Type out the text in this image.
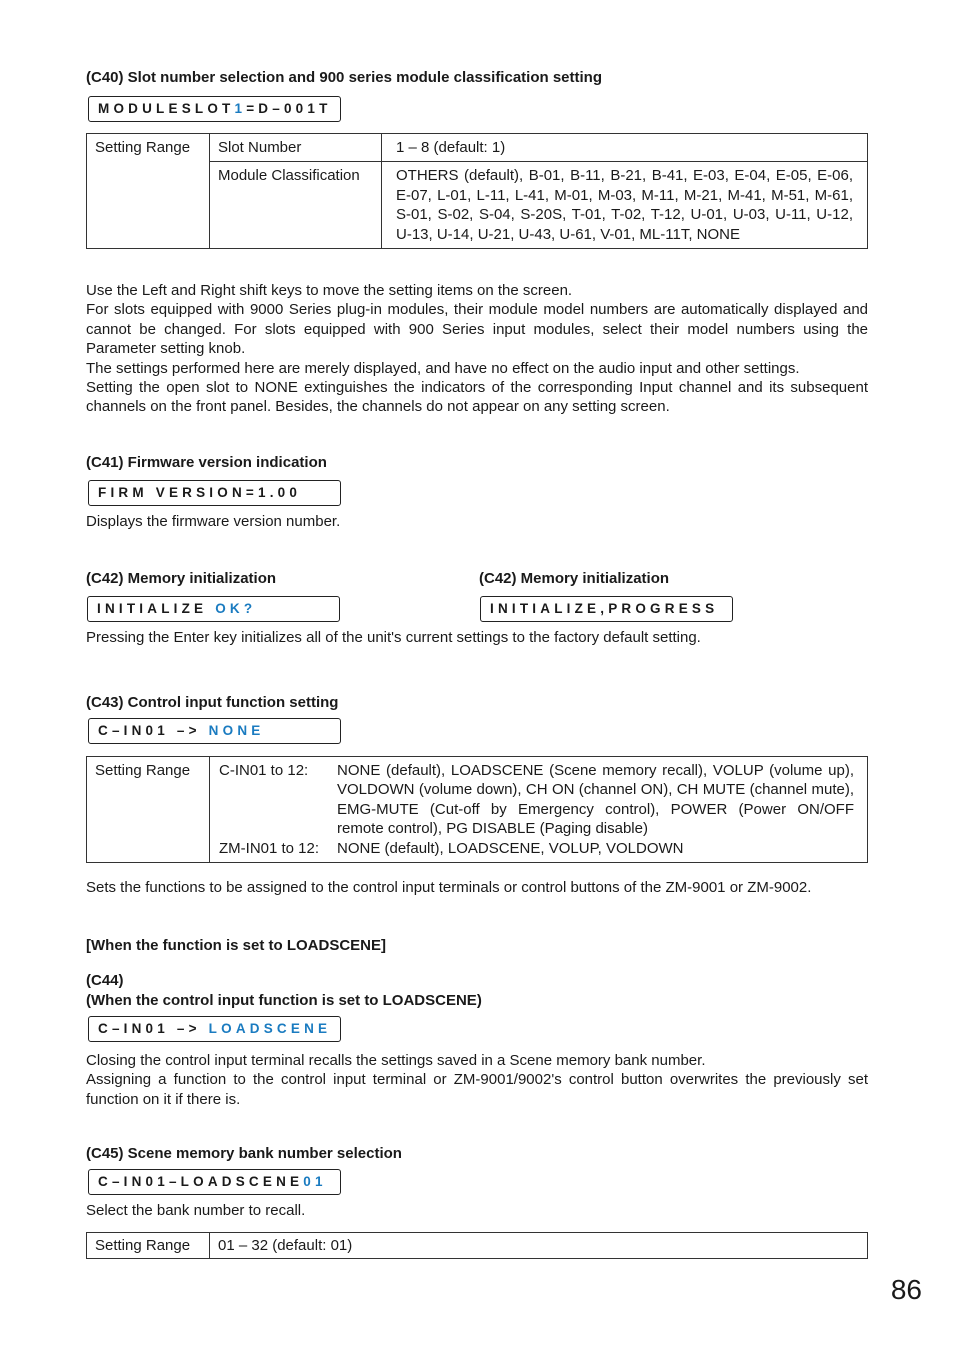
(C40) Slot number selection and 900 series module classification setting
MODULESLOT1=D–001T
Setting Range	Slot Number	1 – 8 (default: 1)
	Module Classification	OTHERS (default), B-01, B-11, B-21, B-41, E-03, E-04, E-05, E-06, E-07, L-01, L-11, L-41, M-01, M-03, M-11, M-21, M-41, M-51, M-61, S-01, S-02, S-04, S-20S, T-01, T-02, T-12, U-01, U-03, U-11, U-12, U-13, U-14, U-21, U-43, U-61, V-01, ML-11T, NONE

Use the Left and Right shift keys to move the setting items on the screen.

For slots equipped with 9000 Series plug-in modules, their module model numbers are automatically displayed and cannot be changed. For slots equipped with 900 Series input modules, select their model numbers using the Parameter setting knob.

The settings performed here are merely displayed, and have no effect on the audio input and other settings.

Setting the open slot to NONE extinguishes the indicators of the corresponding Input channel and its subsequent channels on the front panel. Besides, the channels do not appear on any setting screen.

(C41) Firmware version indication
FIRM VERSION=1.00
Displays the firmware version number.
(C42) Memory initialization	(C42) Memory initialization
INITIALIZE OK?	INITIALIZE,PROGRESS
Pressing the Enter key initializes all of the unit's current settings to the factory default setting.
(C43) Control input function setting
C–IN01 –> NONE
Setting Range	C-IN01 to 12:	NONE (default), LOADSCENE (Scene memory recall), VOLUP (volume up), VOLDOWN (volume down), CH ON (channel ON), CH MUTE (channel mute), EMG-MUTE (Cut-off by Emergency control), POWER (Power ON/OFF remote control), PG DISABLE (Paging disable)
ZM-IN01 to 12:	NONE (default), LOADSCENE, VOLUP, VOLDOWN
Sets the functions to be assigned to the control input terminals or control buttons of the ZM-9001 or ZM-9002.
[When the function is set to LOADSCENE]
(C44)
(When the control input function is set to LOADSCENE)
C–IN01 –> LOADSCENE

Closing the control input terminal recalls the settings saved in a Scene memory bank number.

Assigning a function to the control input terminal or ZM-9001/9002's control button overwrites the previously set function on it if there is.

(C45) Scene memory bank number selection
C–IN01–LOADSCENE01
Select the bank number to recall.
Setting Range	01 – 32 (default: 01)
86
